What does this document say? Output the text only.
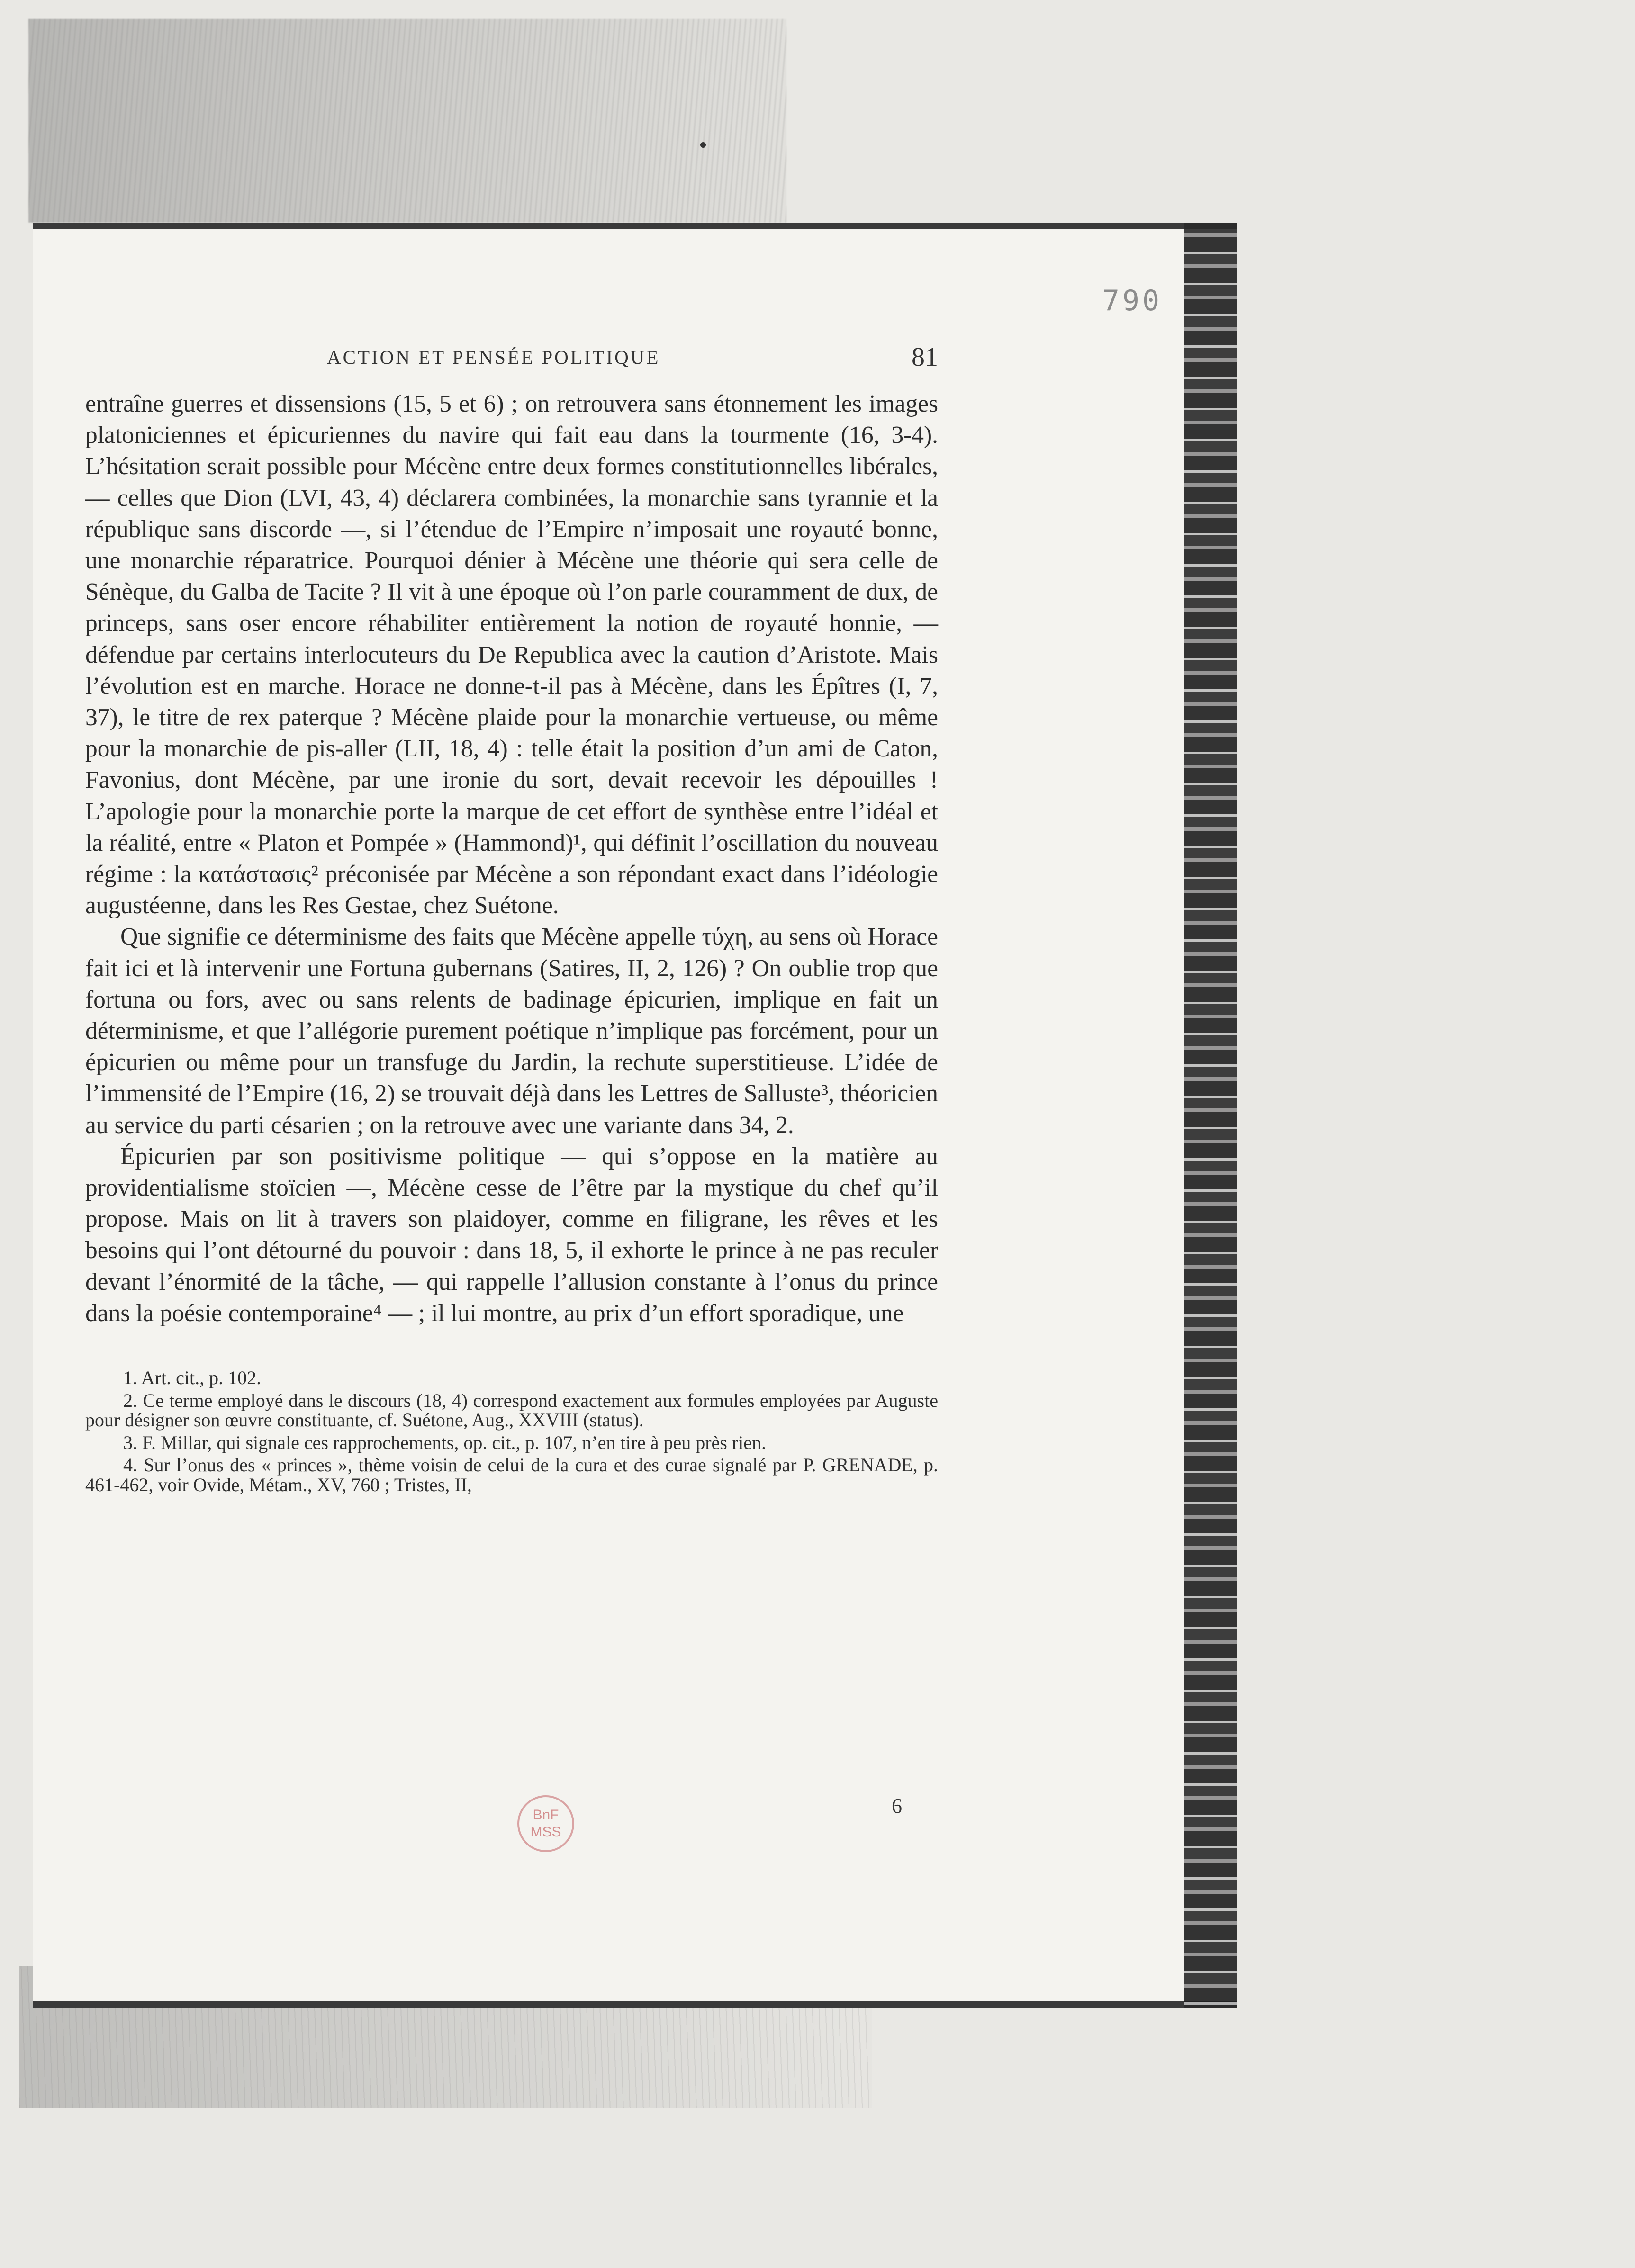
790
ACTION ET PENSÉE POLITIQUE	81

entraîne guerres et dissensions (15, 5 et 6) ; on retrouvera sans étonnement les images platoniciennes et épicuriennes du navire qui fait eau dans la tourmente (16, 3-4). L’hésitation serait possible pour Mécène entre deux formes constitutionnelles libérales, — celles que Dion (LVI, 43, 4) déclarera combinées, la monarchie sans tyrannie et la république sans discorde —, si l’étendue de l’Empire n’imposait une royauté bonne, une monarchie réparatrice. Pourquoi dénier à Mécène une théorie qui sera celle de Sénèque, du Galba de Tacite ? Il vit à une époque où l’on parle couramment de dux, de princeps, sans oser encore réhabiliter entièrement la notion de royauté honnie, — défendue par certains interlocuteurs du De Republica avec la caution d’Aristote. Mais l’évolution est en marche. Horace ne donne-t-il pas à Mécène, dans les Épîtres (I, 7, 37), le titre de rex paterque ? Mécène plaide pour la monarchie vertueuse, ou même pour la monarchie de pis-aller (LII, 18, 4) : telle était la position d’un ami de Caton, Favonius, dont Mécène, par une ironie du sort, devait recevoir les dépouilles ! L’apologie pour la monarchie porte la marque de cet effort de synthèse entre l’idéal et la réalité, entre « Platon et Pompée » (Hammond)¹, qui définit l’oscillation du nouveau régime : la κατάστασις² préconisée par Mécène a son répondant exact dans l’idéologie augustéenne, dans les Res Gestae, chez Suétone.

Que signifie ce déterminisme des faits que Mécène appelle τύχη, au sens où Horace fait ici et là intervenir une Fortuna gubernans (Satires, II, 2, 126) ? On oublie trop que fortuna ou fors, avec ou sans relents de badinage épicurien, implique en fait un déterminisme, et que l’allégorie purement poétique n’implique pas forcément, pour un épicurien ou même pour un transfuge du Jardin, la rechute superstitieuse. L’idée de l’immensité de l’Empire (16, 2) se trouvait déjà dans les Lettres de Salluste³, théoricien au service du parti césarien ; on la retrouve avec une variante dans 34, 2.

Épicurien par son positivisme politique — qui s’oppose en la matière au providentialisme stoïcien —, Mécène cesse de l’être par la mystique du chef qu’il propose. Mais on lit à travers son plaidoyer, comme en filigrane, les rêves et les besoins qui l’ont détourné du pouvoir : dans 18, 5, il exhorte le prince à ne pas reculer devant l’énormité de la tâche, — qui rappelle l’allusion constante à l’onus du prince dans la poésie contemporaine⁴ — ; il lui montre, au prix d’un effort sporadique, une

1. Art. cit., p. 102.

2. Ce terme employé dans le discours (18, 4) correspond exactement aux formules employées par Auguste pour désigner son œuvre constituante, cf. Suétone, Aug., XXVIII (status).

3. F. Millar, qui signale ces rapprochements, op. cit., p. 107, n’en tire à peu près rien.

4. Sur l’onus des « princes », thème voisin de celui de la cura et des curae signalé par P. GRENADE, p. 461-462, voir Ovide, Métam., XV, 760 ; Tristes, II,

6
BnF
MSS
